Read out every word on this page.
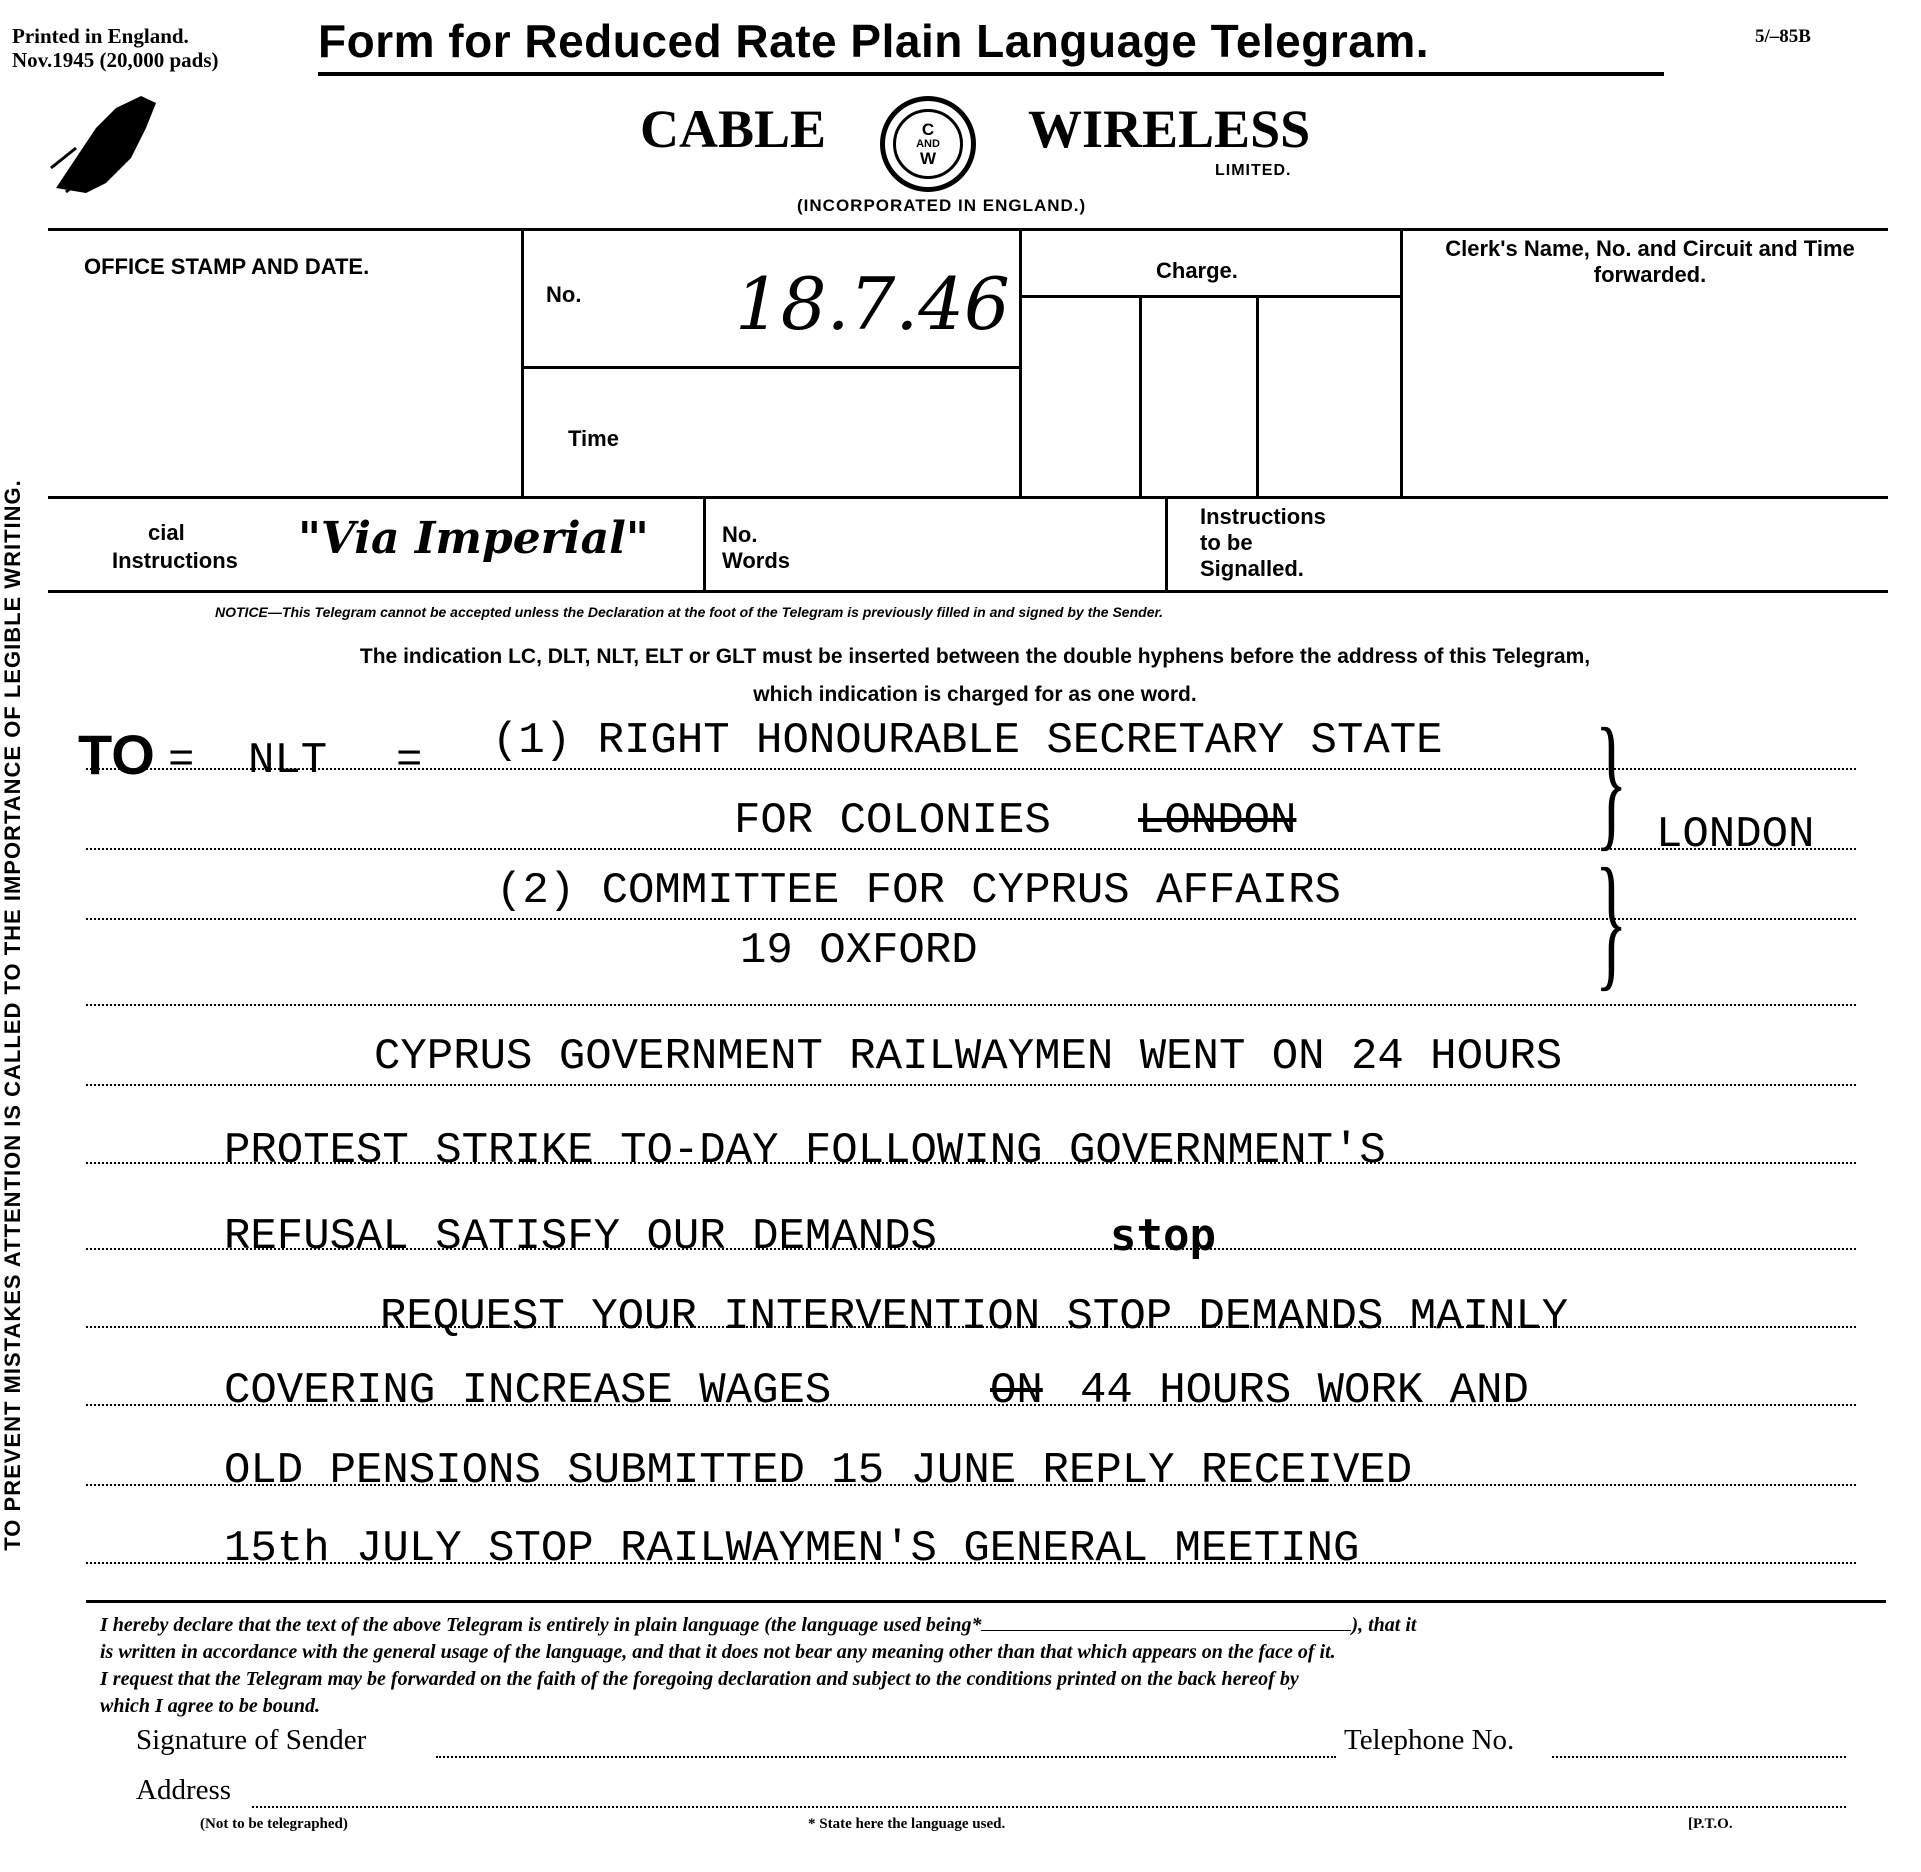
Printed in England.
Nov.1945 (20,000 pads)	Form for Reduced Rate Plain Language Telegram.	5/–85B
CABLE	C
AND
W WIRELESS
LIMITED.
(INCORPORATED IN ENGLAND.)
TO PREVENT MISTAKES ATTENTION IS CALLED TO THE IMPORTANCE OF LEGIBLE WRITING.
OFFICE STAMP AND DATE.
No. 18.7.46	Charge.
Clerk's Name, No. and Circuit and Time forwarded.
Time
cial
Instructions "Via Imperial"	No.
Words
Instructions
to be
Signalled.
NOTICE—This Telegram cannot be accepted unless the Declaration at the foot of the Telegram is previously filled in and signed by the Sender.
The indication LC, DLT, NLT, ELT or GLT must be inserted between the double hyphens before the address of this Telegram,
which indication is charged for as one word.
TO = NLT = (1) RIGHT HONOURABLE SECRETARY STATE
FOR COLONIES LONDON
(2) COMMITTEE FOR CYPRUS AFFAIRS
19 OXFORD
}
}
LONDON
CYPRUS GOVERNMENT RAILWAYMEN WENT ON 24 HOURS
PROTEST STRIKE TO-DAY FOLLOWING GOVERNMENT'S
REFUSAL SATISFY OUR DEMANDS	stop
REQUEST YOUR INTERVENTION STOP DEMANDS MAINLY
COVERING INCREASE WAGES	ON 44 HOURS WORK AND
OLD PENSIONS SUBMITTED 15 JUNE REPLY RECEIVED
15th JULY STOP RAILWAYMEN'S GENERAL MEETING
I hereby declare that the text of the above Telegram is entirely in plain language (the language used being*	), that it
is written in accordance with the general usage of the language, and that it does not bear any meaning other than that which appears on the face of it.
I request that the Telegram may be forwarded on the faith of the foregoing declaration and subject to the conditions printed on the back hereof by
which I agree to be bound.
Signature of Sender	Telephone No.
Address
(Not to be telegraphed)	* State here the language used.	[P.T.O.
